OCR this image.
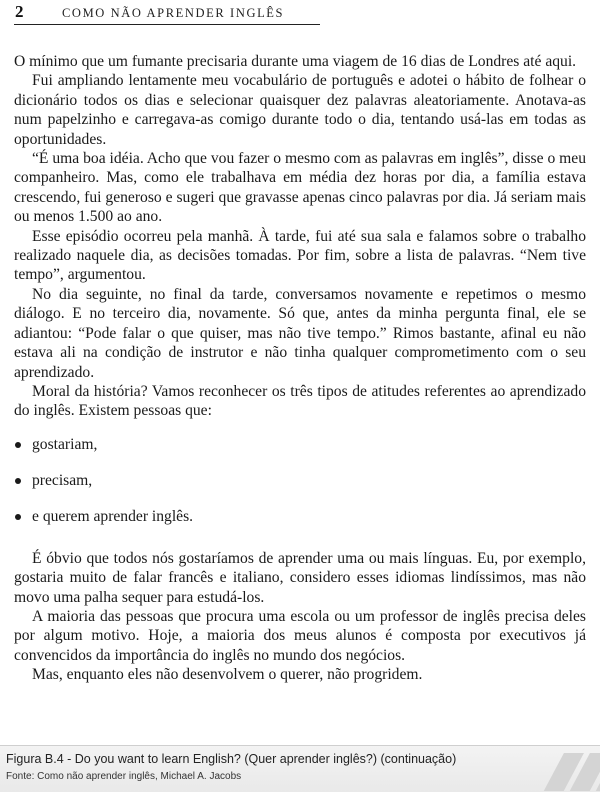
2	COMO NÃO APRENDER INGLÊS

O mínimo que um fumante precisaria durante uma viagem de 16 dias de Londres até aqui.

Fui ampliando lentamente meu vocabulário de português e adotei o hábito de folhear o dicionário todos os dias e selecionar quaisquer dez palavras aleatoriamente. Anotava-as num papelzinho e carregava-as comigo durante todo o dia, tentando usá-las em todas as oportunidades.

“É uma boa idéia. Acho que vou fazer o mesmo com as palavras em inglês”, disse o meu companheiro. Mas, como ele trabalhava em média dez horas por dia, a família estava crescendo, fui generoso e sugeri que gravasse apenas cinco palavras por dia. Já seriam mais ou menos 1.500 ao ano.

Esse episódio ocorreu pela manhã. À tarde, fui até sua sala e falamos sobre o trabalho realizado naquele dia, as decisões tomadas. Por fim, sobre a lista de palavras. “Nem tive tempo”, argumentou.

No dia seguinte, no final da tarde, conversamos novamente e repetimos o mesmo diálogo. E no terceiro dia, novamente. Só que, antes da minha pergunta final, ele se adiantou: “Pode falar o que quiser, mas não tive tempo.” Rimos bastante, afinal eu não estava ali na condição de instrutor e não tinha qualquer comprometimento com o seu aprendizado.

Moral da história? Vamos reconhecer os três tipos de atitudes referentes ao aprendizado do inglês. Existem pessoas que:

gostariam,
precisam,
e querem aprender inglês.

É óbvio que todos nós gostaríamos de aprender uma ou mais línguas. Eu, por exemplo, gostaria muito de falar francês e italiano, considero esses idiomas lindíssimos, mas não movo uma palha sequer para estudá-los.

A maioria das pessoas que procura uma escola ou um professor de inglês precisa deles por algum motivo. Hoje, a maioria dos meus alunos é composta por executivos já convencidos da importância do inglês no mundo dos negócios.

Mas, enquanto eles não desenvolvem o querer, não progridem.

Figura B.4 - Do you want to learn English? (Quer aprender inglês?) (continuação)
Fonte: Como não aprender inglês, Michael A. Jacobs
